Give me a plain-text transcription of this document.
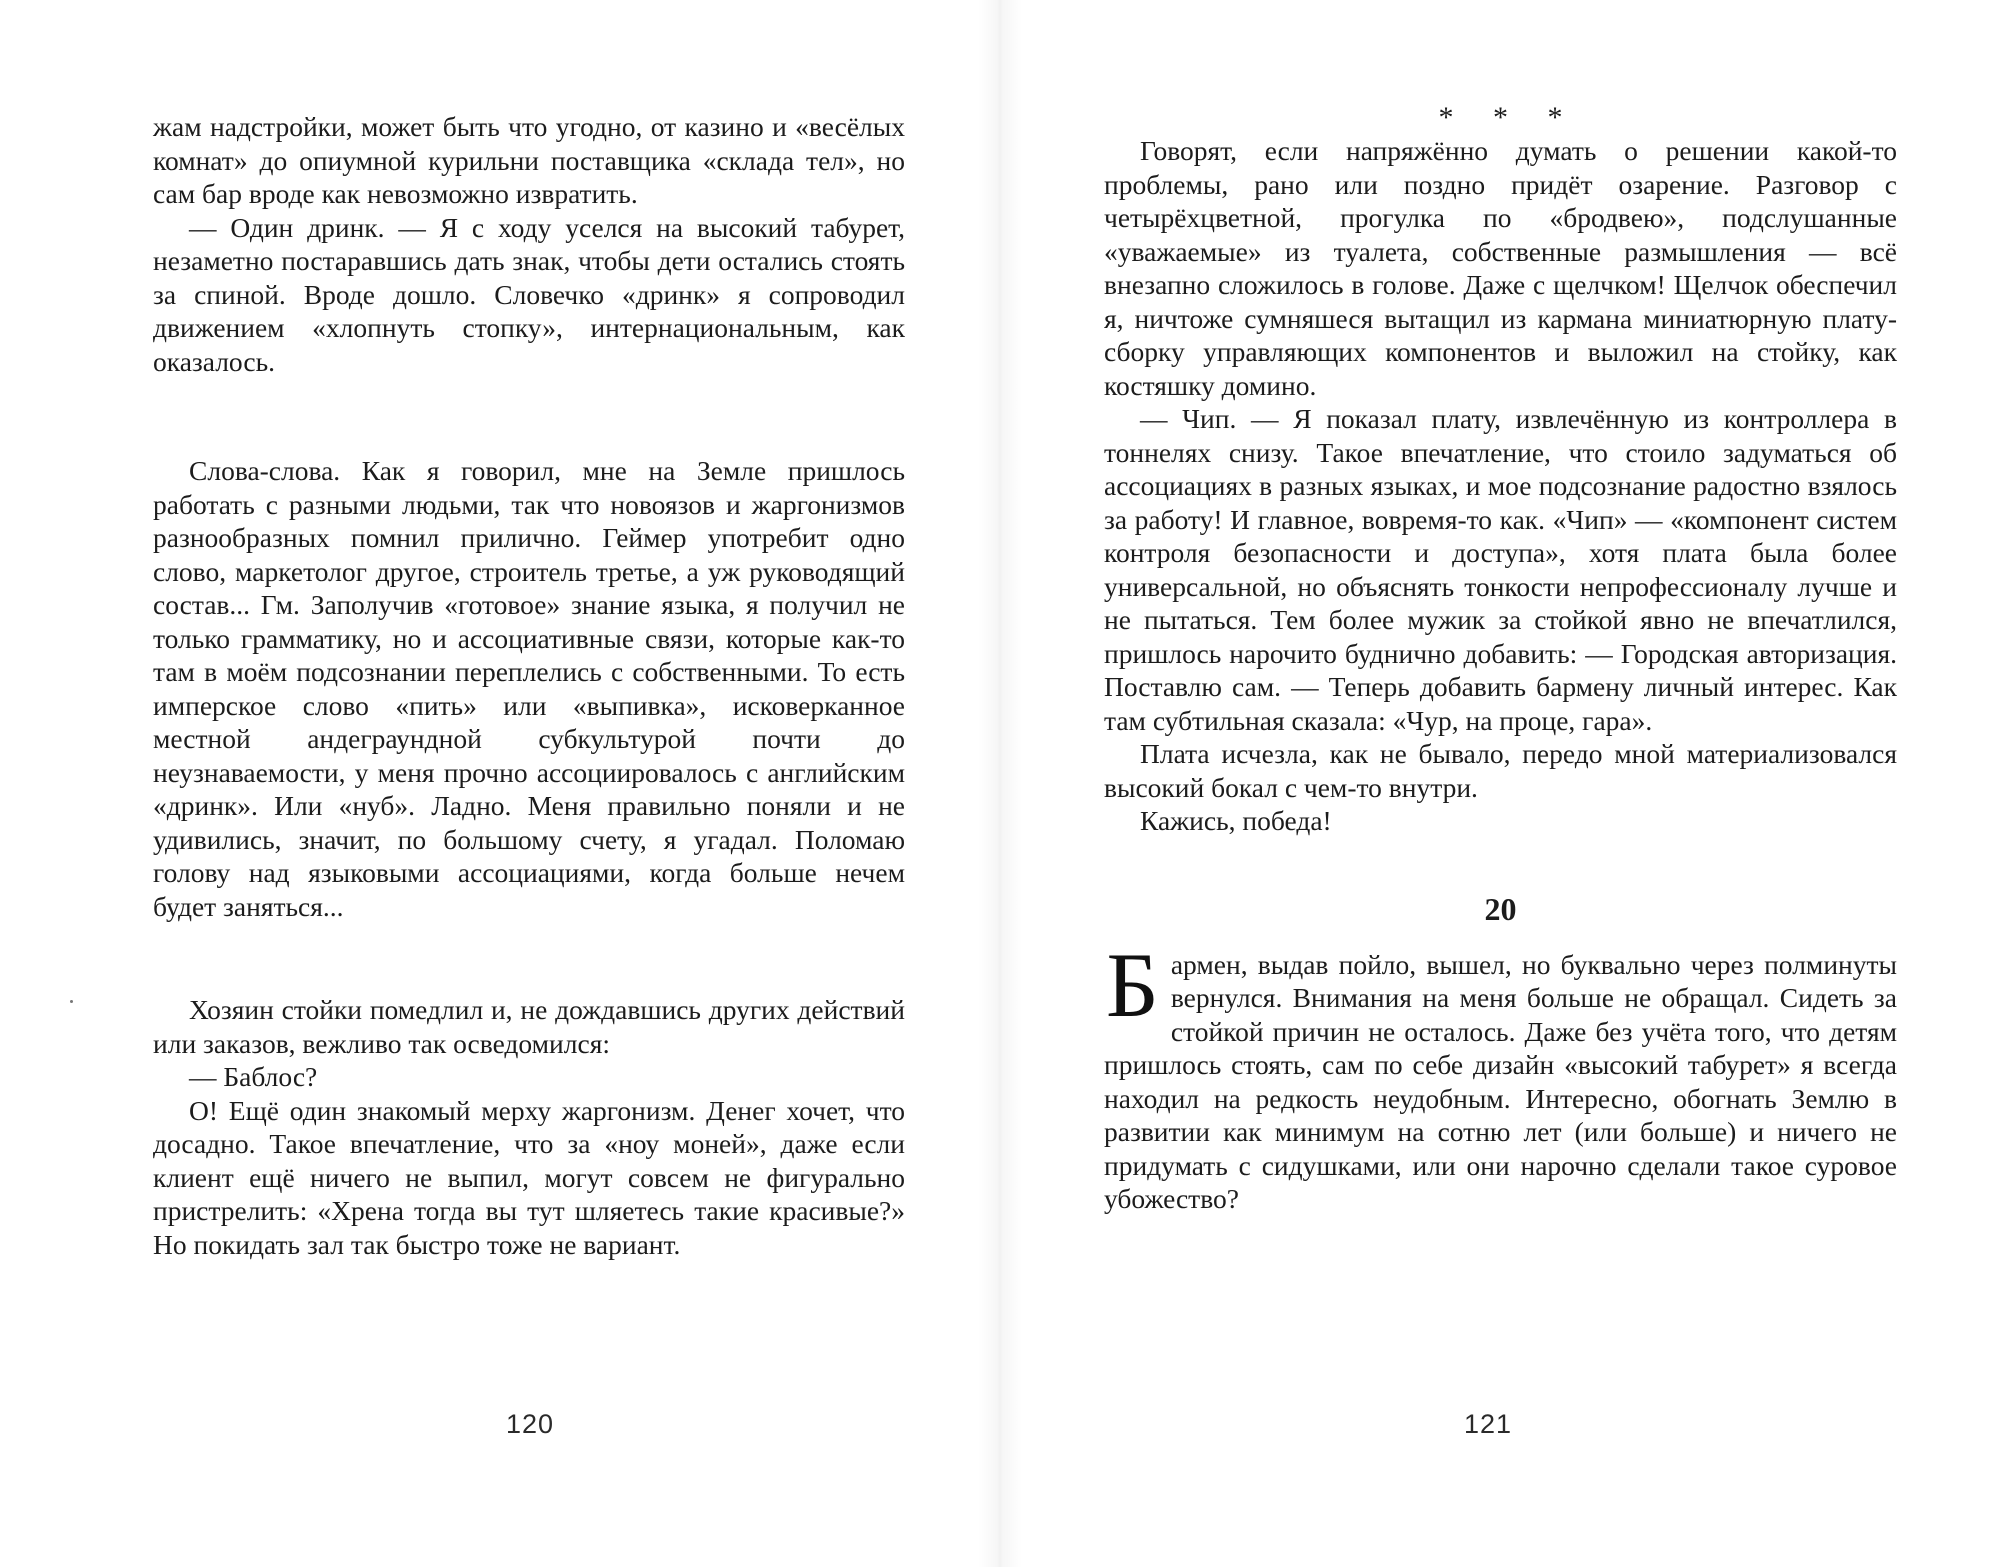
жам надстройки, может быть что угодно, от казино и «весёлых комнат» до опиумной курильни поставщика «склада тел», но сам бар вроде как невозможно извратить.

— Один дринк. — Я с ходу уселся на высокий табурет, незаметно постаравшись дать знак, чтобы дети остались стоять за спиной. Вроде дошло. Словечко «дринк» я сопроводил движением «хлопнуть стопку», интернациональным, как оказалось.

Слова-слова. Как я говорил, мне на Земле пришлось работать с разными людьми, так что новоязов и жаргонизмов разнообразных помнил прилично. Геймер употребит одно слово, маркетолог другое, строитель третье, а уж руководящий состав... Гм. Заполучив «готовое» знание языка, я получил не только грамматику, но и ассоциативные связи, которые как-то там в моём подсознании переплелись с собственными. То есть имперское слово «пить» или «выпивка», исковерканное местной андеграундной субкультурой почти до неузнаваемости, у меня прочно ассоциировалось с английским «дринк». Или «нуб». Ладно. Меня правильно поняли и не удивились, значит, по большому счету, я угадал. Поломаю голову над языковыми ассоциациями, когда больше нечем будет заняться...

Хозяин стойки помедлил и, не дождавшись других действий или заказов, вежливо так осведомился:

— Баблос?

О! Ещё один знакомый мерху жаргонизм. Денег хочет, что досадно. Такое впечатление, что за «ноу моней», даже если клиент ещё ничего не выпил, могут совсем не фигурально пристрелить: «Хрена тогда вы тут шляетесь такие красивые?» Но покидать зал так быстро тоже не вариант.

120
* * *

Говорят, если напряжённо думать о решении какой-то проблемы, рано или поздно придёт озарение. Разговор с четырёхцветной, прогулка по «бродвею», подслушанные «уважаемые» из туалета, собственные размышления — всё внезапно сложилось в голове. Даже с щелчком! Щелчок обеспечил я, ничтоже сумняшеся вытащил из кармана миниатюрную плату-сборку управляющих компонентов и выложил на стойку, как костяшку домино.

— Чип. — Я показал плату, извлечённую из контроллера в тоннелях снизу. Такое впечатление, что стоило задуматься об ассоциациях в разных языках, и мое подсознание радостно взялось за работу! И главное, вовремя-то как. «Чип» — «компонент систем контроля безопасности и доступа», хотя плата была более универсальной, но объяснять тонкости непрофессионалу лучше и не пытаться. Тем более мужик за стойкой явно не впечатлился, пришлось нарочито буднично добавить: — Городская авторизация. Поставлю сам. — Теперь добавить бармену личный интерес. Как там субтильная сказала: «Чур, на проце, гара».

Плата исчезла, как не бывало, передо мной материализовался высокий бокал с чем-то внутри.

Кажись, победа!

20

Бармен, выдав пойло, вышел, но буквально через полминуты вернулся. Внимания на меня больше не обращал. Сидеть за стойкой причин не осталось. Даже без учёта того, что детям пришлось стоять, сам по себе дизайн «высокий табурет» я всегда находил на редкость неудобным. Интересно, обогнать Землю в развитии как минимум на сотню лет (или больше) и ничего не придумать с сидушками, или они нарочно сделали такое суровое убожество?

121
